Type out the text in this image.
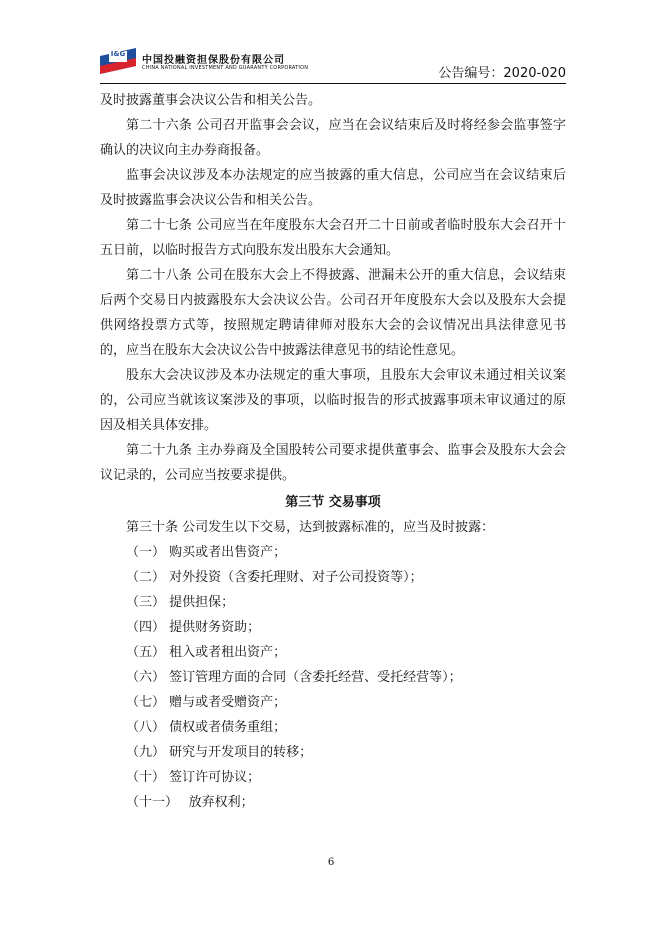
I&G
中国投融资担保股份有限公司
CHINA NATIONAL INVESTMENT AND GUARANTY CORPORATION	公告编号：2020-020

及时披露董事会决议公告和相关公告。

第二十六条 公司召开监事会会议，应当在会议结束后及时将经参会监事签字确认的决议向主办券商报备。

监事会决议涉及本办法规定的应当披露的重大信息，公司应当在会议结束后及时披露监事会决议公告和相关公告。

第二十七条 公司应当在年度股东大会召开二十日前或者临时股东大会召开十五日前，以临时报告方式向股东发出股东大会通知。

第二十八条 公司在股东大会上不得披露、泄漏未公开的重大信息，会议结束后两个交易日内披露股东大会决议公告。公司召开年度股东大会以及股东大会提供网络投票方式等，按照规定聘请律师对股东大会的会议情况出具法律意见书的，应当在股东大会决议公告中披露法律意见书的结论性意见。

股东大会决议涉及本办法规定的重大事项，且股东大会审议未通过相关议案的，公司应当就该议案涉及的事项，以临时报告的形式披露事项未审议通过的原因及相关具体安排。

第二十九条 主办券商及全国股转公司要求提供董事会、监事会及股东大会会议记录的，公司应当按要求提供。

第三节 交易事项

第三十条 公司发生以下交易，达到披露标准的，应当及时披露：

（一） 购买或者出售资产；

（二） 对外投资（含委托理财、对子公司投资等）；

（三） 提供担保；

（四） 提供财务资助；

（五） 租入或者租出资产；

（六） 签订管理方面的合同（含委托经营、受托经营等）；

（七） 赠与或者受赠资产；

（八） 债权或者债务重组；

（九） 研究与开发项目的转移；

（十） 签订许可协议；

（十一）　 放弃权利；

6
